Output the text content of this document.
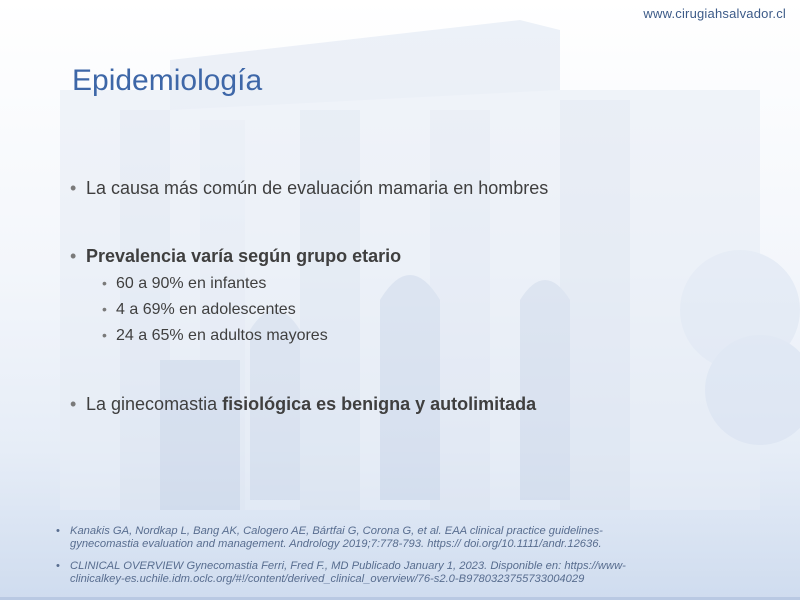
www.cirugiahsalvador.cl
Epidemiología
• La causa más común de evaluación mamaria en hombres
• Prevalencia varía según grupo etario
• 60 a 90% en infantes
• 4 a 69% en adolescentes
• 24 a 65% en adultos mayores
• La ginecomastia fisiológica es benigna y autolimitada
• Kanakis GA, Nordkap L, Bang AK, Calogero AE, Bártfai G, Corona G, et al. EAA clinical practice guidelines-
gynecomastia evaluation and management. Andrology 2019;7:778-793. https:// doi.org/10.1111/andr.12636.
• CLINICAL OVERVIEW Gynecomastia Ferri, Fred F., MD Publicado January 1, 2023. Disponible en: https://www-
clinicalkey-es.uchile.idm.oclc.org/#!/content/derived_clinical_overview/76-s2.0-B9780323755733004029
